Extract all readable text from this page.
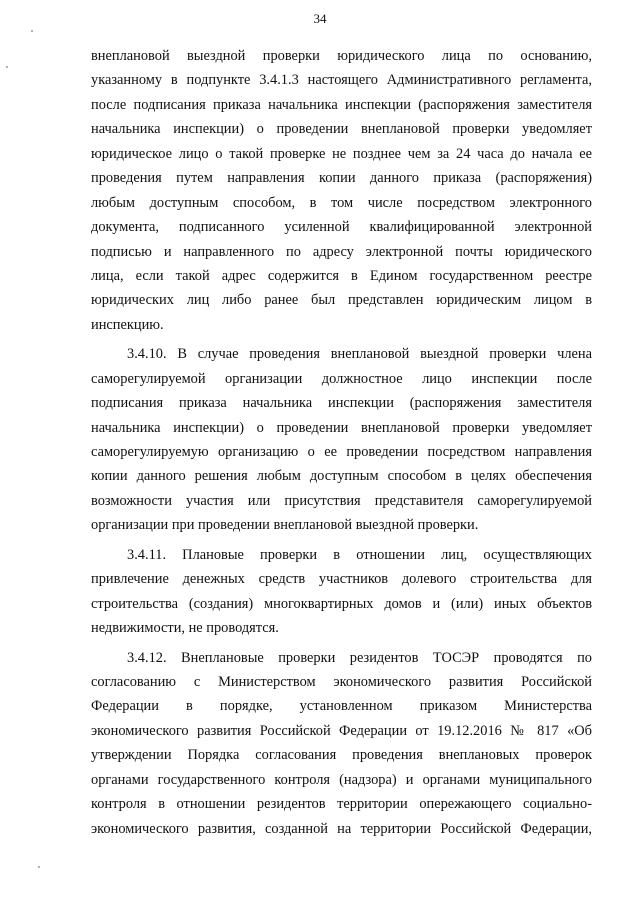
34
внеплановой выездной проверки юридического лица по основанию,
указанному в подпункте 3.4.1.3 настоящего Административного регламента,
после подписания приказа начальника инспекции (распоряжения заместителя
начальника инспекции) о проведении внеплановой проверки уведомляет
юридическое лицо о такой проверке не позднее чем за 24 часа до начала ее
проведения путем направления копии данного приказа (распоряжения)
любым доступным способом, в том числе посредством электронного
документа, подписанного усиленной квалифицированной электронной
подписью и направленного по адресу электронной почты юридического
лица, если такой адрес содержится в Едином государственном реестре
юридических лиц либо ранее был представлен юридическим лицом в
инспекцию.
3.4.10. В случае проведения внеплановой выездной проверки члена
саморегулируемой организации должностное лицо инспекции после
подписания приказа начальника инспекции (распоряжения заместителя
начальника инспекции) о проведении внеплановой проверки уведомляет
саморегулируемую организацию о ее проведении посредством направления
копии данного решения любым доступным способом в целях обеспечения
возможности участия или присутствия представителя саморегулируемой
организации при проведении внеплановой выездной проверки.
3.4.11. Плановые проверки в отношении лиц, осуществляющих
привлечение денежных средств участников долевого строительства для
строительства (создания) многоквартирных домов и (или) иных объектов
недвижимости, не проводятся.
3.4.12. Внеплановые проверки резидентов ТОСЭР проводятся по
согласованию с Министерством экономического развития Российской
Федерации в порядке, установленном приказом Министерства
экономического развития Российской Федерации от 19.12.2016 № 817 «Об
утверждении Порядка согласования проведения внеплановых проверок
органами государственного контроля (надзора) и органами муниципального
контроля в отношении резидентов территории опережающего социально-
экономического развития, созданной на территории Российской Федерации,
